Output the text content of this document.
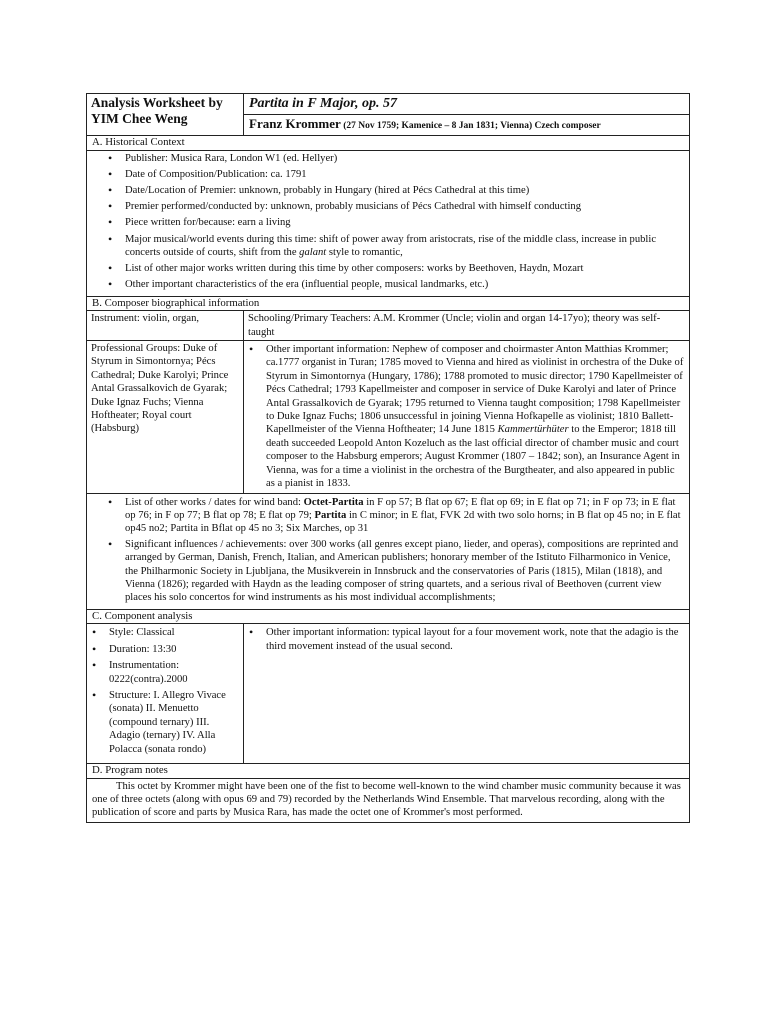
Analysis Worksheet by YIM Chee Weng
Partita in F Major, op. 57
Franz Krommer (27 Nov 1759; Kamenice – 8 Jan 1831; Vienna) Czech composer
A. Historical Context
• Publisher: Musica Rara, London W1 (ed. Hellyer)
• Date of Composition/Publication: ca. 1791
• Date/Location of Premier: unknown, probably in Hungary (hired at Pécs Cathedral at this time)
• Premier performed/conducted by: unknown, probably musicians of Pécs Cathedral with himself conducting
• Piece written for/because: earn a living
• Major musical/world events during this time: shift of power away from aristocrats, rise of the middle class, increase in public concerts outside of courts, shift from the galant style to romantic,
• List of other major works written during this time by other composers: works by Beethoven, Haydn, Mozart
• Other important characteristics of the era (influential people, musical landmarks, etc.)
B. Composer biographical information
Instrument: violin, organ,	Schooling/Primary Teachers: A.M. Krommer (Uncle; violin and organ 14-17yo); theory was self-taught
Professional Groups: Duke of Styrum in Simontornya; Pécs Cathedral; Duke Karolyi; Prince Antal Grassalkovich de Gyarak; Duke Ignaz Fuchs; Vienna Hoftheater; Royal court (Habsburg)
• Other important information: Nephew of composer and choirmaster Anton Matthias Krommer; ca.1777 organist in Turan; 1785 moved to Vienna and hired as violinist in orchestra of the Duke of Styrum in Simontornya (Hungary, 1786); 1788 promoted to music director; 1790 Kapellmeister of Pécs Cathedral; 1793 Kapellmeister and composer in service of Duke Karolyi and later of Prince Antal Grassalkovich de Gyarak; 1795 returned to Vienna taught composition; 1798 Kapellmeister to Duke Ignaz Fuchs; 1806 unsuccessful in joining Vienna Hofkapelle as violinist; 1810 Ballett-Kapellmeister of the Vienna Hoftheater; 14 June 1815 Kammertürhüter to the Emperor; 1818 till death succeeded Leopold Anton Kozeluch as the last official director of chamber music and court composer to the Habsburg emperors; August Krommer (1807 – 1842; son), an Insurance Agent in Vienna, was for a time a violinist in the orchestra of the Burgtheater, and also appeared in public as a pianist in 1833.
• List of other works / dates for wind band: Octet-Partita in F op 57; B flat op 67; E flat op 69; in E flat op 71; in F op 73; in E flat op 76; in F op 77; B flat op 78; E flat op 79; Partita in C minor; in E flat, FVK 2d with two solo horns; in B flat op 45 no; in E flat op45 no2; Partita in Bflat op 45 no 3; Six Marches, op 31
• Significant influences / achievements: over 300 works (all genres except piano, lieder, and operas), compositions are reprinted and arranged by German, Danish, French, Italian, and American publishers; honorary member of the Istituto Filharmonico in Venice, the Philharmonic Society in Ljubljana, the Musikverein in Innsbruck and the conservatories of Paris (1815), Milan (1818), and Vienna (1826); regarded with Haydn as the leading composer of string quartets, and a serious rival of Beethoven (current view places his solo concertos for wind instruments as his most individual accomplishments;
C. Component analysis
• Style: Classical
• Duration: 13:30
• Instrumentation: 0222(contra).2000
• Structure: I. Allegro Vivace (sonata) II. Menuetto (compound ternary) III. Adagio (ternary) IV. Alla Polacca (sonata rondo)
• Other important information: typical layout for a four movement work, note that the adagio is the third movement instead of the usual second.
D. Program notes
This octet by Krommer might have been one of the fist to become well-known to the wind chamber music community because it was one of three octets (along with opus 69 and 79) recorded by the Netherlands Wind Ensemble. That marvelous recording, along with the publication of score and parts by Musica Rara, has made the octet one of Krommer's most performed.
